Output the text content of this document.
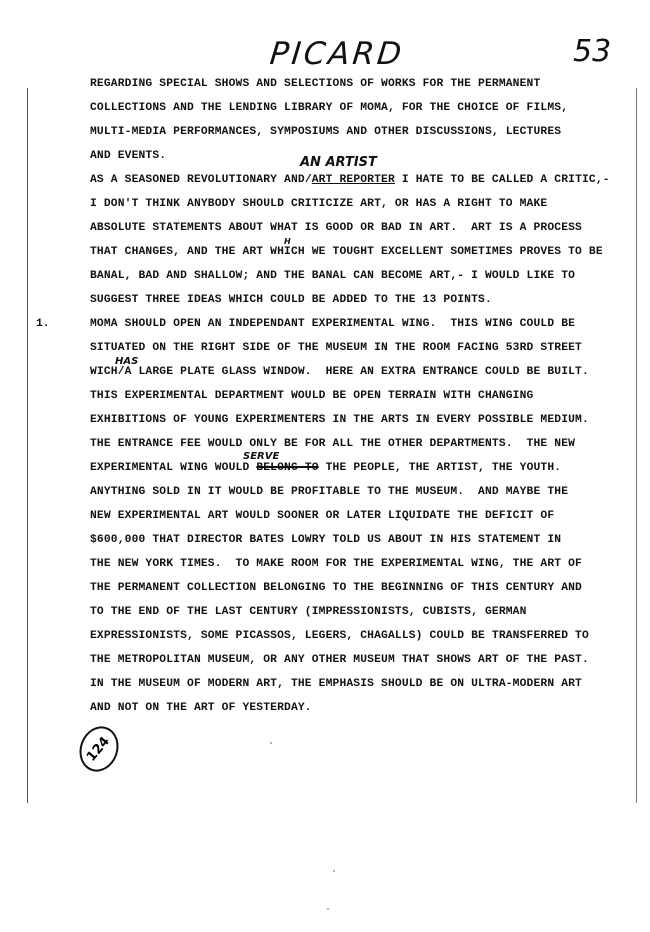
PICARD	53
REGARDING SPECIAL SHOWS AND SELECTIONS OF WORKS FOR THE PERMANENT
COLLECTIONS AND THE LENDING LIBRARY OF MOMA, FOR THE CHOICE OF FILMS,
MULTI-MEDIA PERFORMANCES, SYMPOSIUMS AND OTHER DISCUSSIONS, LECTURES
AND EVENTS.	AN ARTIST
AS A SEASONED REVOLUTIONARY AND/ART REPORTER I HATE TO BE CALLED A CRITIC,-
I DON'T THINK ANYBODY SHOULD CRITICIZE ART, OR HAS A RIGHT TO MAKE
ABSOLUTE STATEMENTS ABOUT WHAT IS GOOD OR BAD IN ART.  ART IS A PROCESS
H
THAT CHANGES, AND THE ART WHICH WE TOUGHT EXCELLENT SOMETIMES PROVES TO BE
BANAL, BAD AND SHALLOW; AND THE BANAL CAN BECOME ART,- I WOULD LIKE TO
SUGGEST THREE IDEAS WHICH COULD BE ADDED TO THE 13 POINTS.
1.	MOMA SHOULD OPEN AN INDEPENDANT EXPERIMENTAL WING.  THIS WING COULD BE
SITUATED ON THE RIGHT SIDE OF THE MUSEUM IN THE ROOM FACING 53RD STREET
HAS
WICH/A LARGE PLATE GLASS WINDOW.  HERE AN EXTRA ENTRANCE COULD BE BUILT.
THIS EXPERIMENTAL DEPARTMENT WOULD BE OPEN TERRAIN WITH CHANGING
EXHIBITIONS OF YOUNG EXPERIMENTERS IN THE ARTS IN EVERY POSSIBLE MEDIUM.
THE ENTRANCE FEE WOULD ONLY BE FOR ALL THE OTHER DEPARTMENTS.  THE NEW
SERVE
EXPERIMENTAL WING WOULD BELONG TO THE PEOPLE, THE ARTIST, THE YOUTH.
ANYTHING SOLD IN IT WOULD BE PROFITABLE TO THE MUSEUM.  AND MAYBE THE
NEW EXPERIMENTAL ART WOULD SOONER OR LATER LIQUIDATE THE DEFICIT OF
$600,000 THAT DIRECTOR BATES LOWRY TOLD US ABOUT IN HIS STATEMENT IN
THE NEW YORK TIMES.  TO MAKE ROOM FOR THE EXPERIMENTAL WING, THE ART OF
THE PERMANENT COLLECTION BELONGING TO THE BEGINNING OF THIS CENTURY AND
TO THE END OF THE LAST CENTURY (IMPRESSIONISTS, CUBISTS, GERMAN
EXPRESSIONISTS, SOME PICASSOS, LEGERS, CHAGALLS) COULD BE TRANSFERRED TO
THE METROPOLITAN MUSEUM, OR ANY OTHER MUSEUM THAT SHOWS ART OF THE PAST.
IN THE MUSEUM OF MODERN ART, THE EMPHASIS SHOULD BE ON ULTRA-MODERN ART
AND NOT ON THE ART OF YESTERDAY.
124
